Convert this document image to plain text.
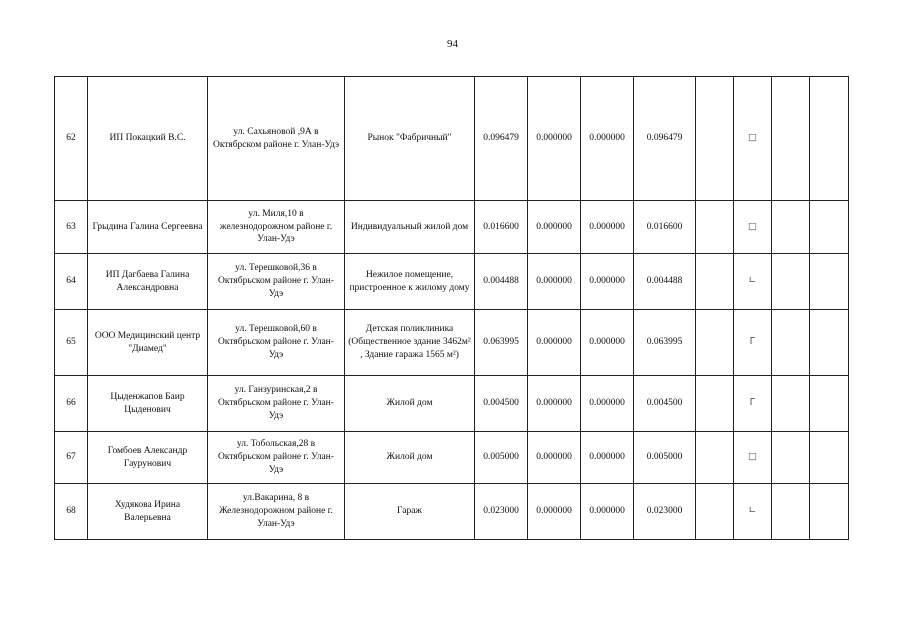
94
62	ИП Покацкий В.С.	ул. Сахьяновой ,9А в Октябрском районе г. Улан-Удэ	Рынок "Фабричный"	0.096479	0.000000	0.000000	0.096479		□		
63	Грыдина Галина Сергеевна	ул. Миля,10 в железнодорожном районе г. Улан-Удэ	Индивидуальный жилой дом	0.016600	0.000000	0.000000	0.016600		□		
64	ИП Дагбаева Галина Александровна	ул. Терешковой,36 в Октябрьском районе г. Улан-Удэ	Нежилое помещение, пристроенное к жилому дому	0.004488	0.000000	0.000000	0.004488		∟		
65	ООО Медицинский центр "Диамед"	ул. Терешковой,60 в Октябрьском районе г. Улан-Удэ	Детская поликлиника (Общественное здание 3462м² , Здание гаража 1565 м²)	0.063995	0.000000	0.000000	0.063995		Г		
66	Цыденжапов Баир Цыденович	ул. Ганзуринская,2 в Октябрьском районе г. Улан-Удэ	Жилой дом	0.004500	0.000000	0.000000	0.004500		Г		
67	Гомбоев Александр Гаурунович	ул. Тобольская,28 в Октябрьском районе г. Улан-Удэ	Жилой дом	0.005000	0.000000	0.000000	0.005000		□		
68	Худякова Ирина Валерьевна	ул.Вакарина, 8 в Железнодорожном районе г. Улан-Удэ	Гараж	0.023000	0.000000	0.000000	0.023000		∟		
